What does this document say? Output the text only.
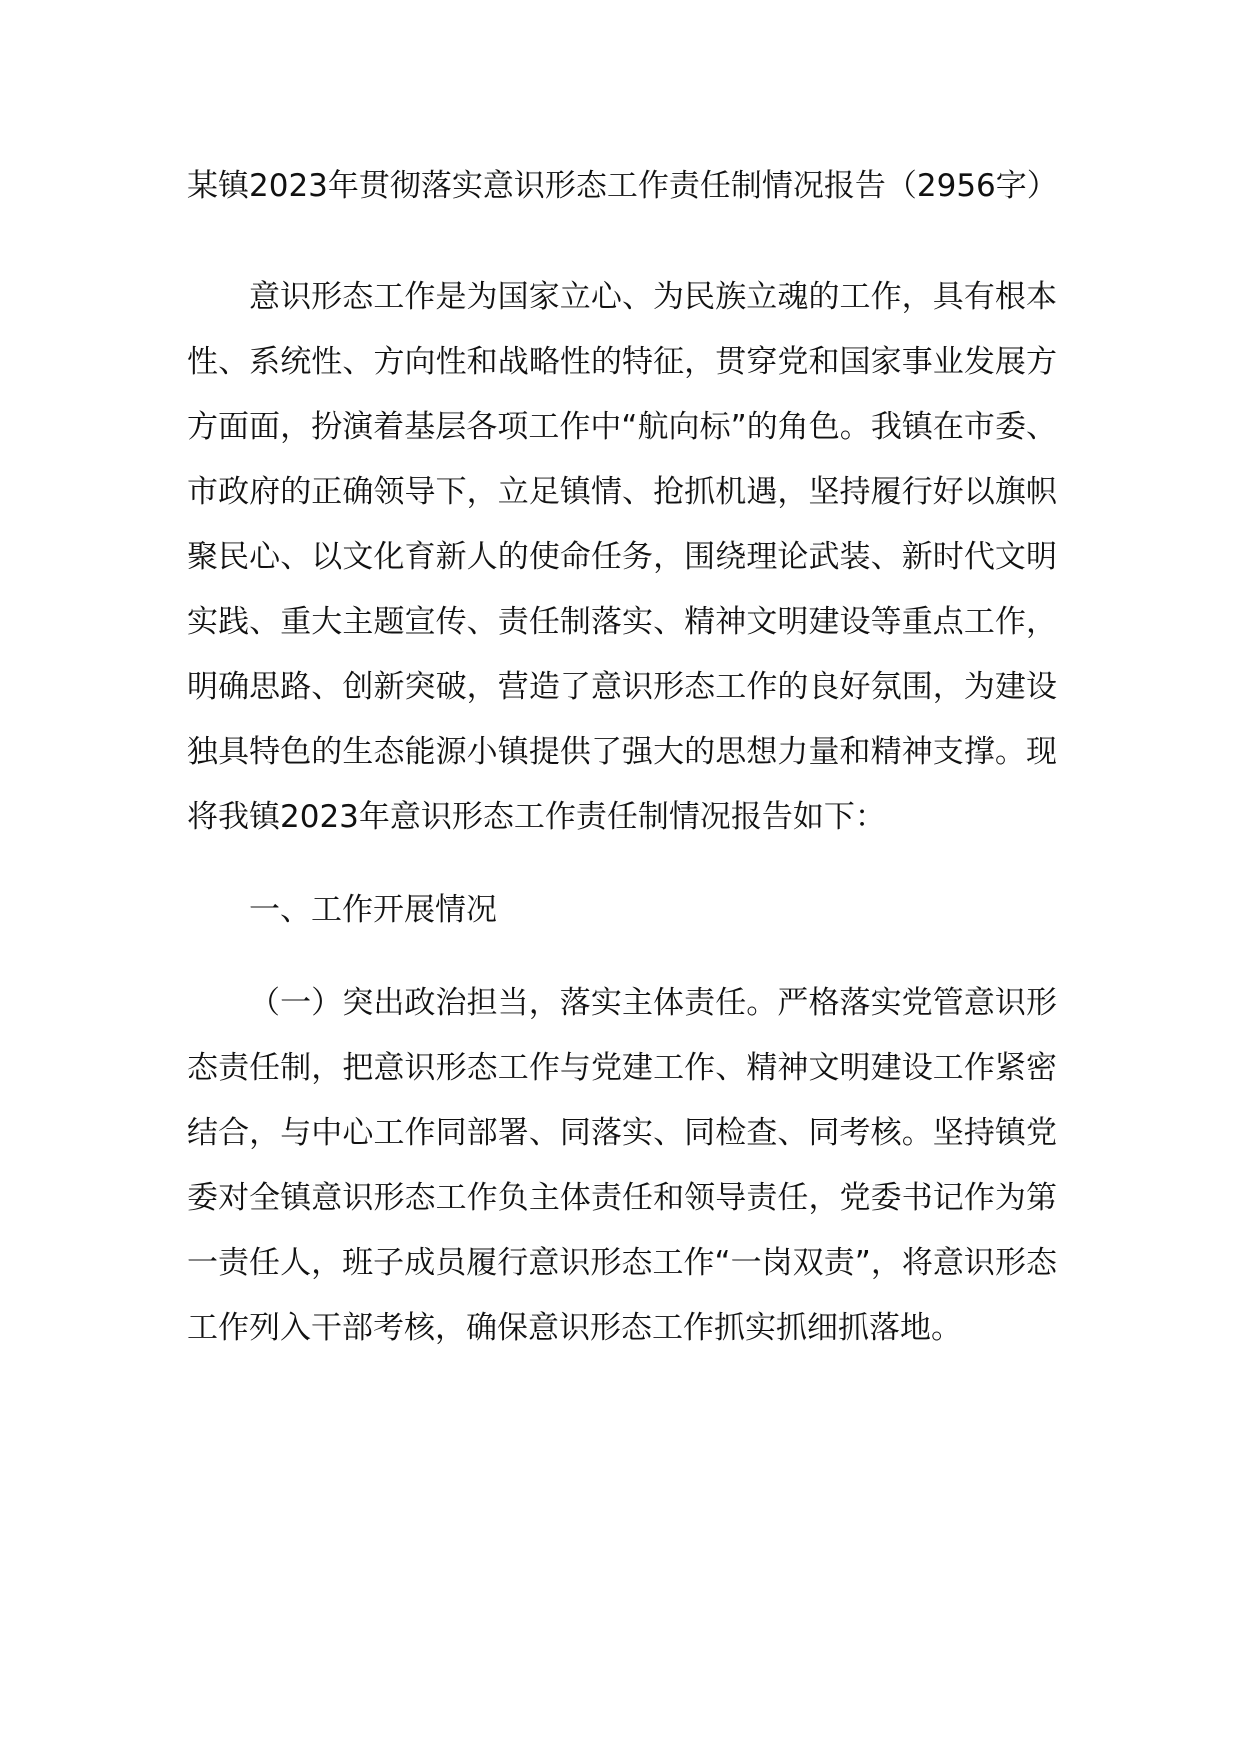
某镇2023年贯彻落实意识形态工作责任制情况报告（2956字）

意识形态工作是为国家立心、为民族立魂的工作，具有根本性、系统性、方向性和战略性的特征，贯穿党和国家事业发展方方面面，扮演着基层各项工作中“航向标”的角色。我镇在市委、市政府的正确领导下，立足镇情、抢抓机遇，坚持履行好以旗帜聚民心、以文化育新人的使命任务，围绕理论武装、新时代文明实践、重大主题宣传、责任制落实、精神文明建设等重点工作，明确思路、创新突破，营造了意识形态工作的良好氛围，为建设独具特色的生态能源小镇提供了强大的思想力量和精神支撑。现将我镇2023年意识形态工作责任制情况报告如下：

一、工作开展情况

（一）突出政治担当，落实主体责任。严格落实党管意识形态责任制，把意识形态工作与党建工作、精神文明建设工作紧密结合，与中心工作同部署、同落实、同检查、同考核。坚持镇党委对全镇意识形态工作负主体责任和领导责任，党委书记作为第一责任人，班子成员履行意识形态工作“一岗双责”，将意识形态工作列入干部考核，确保意识形态工作抓实抓细抓落地。
